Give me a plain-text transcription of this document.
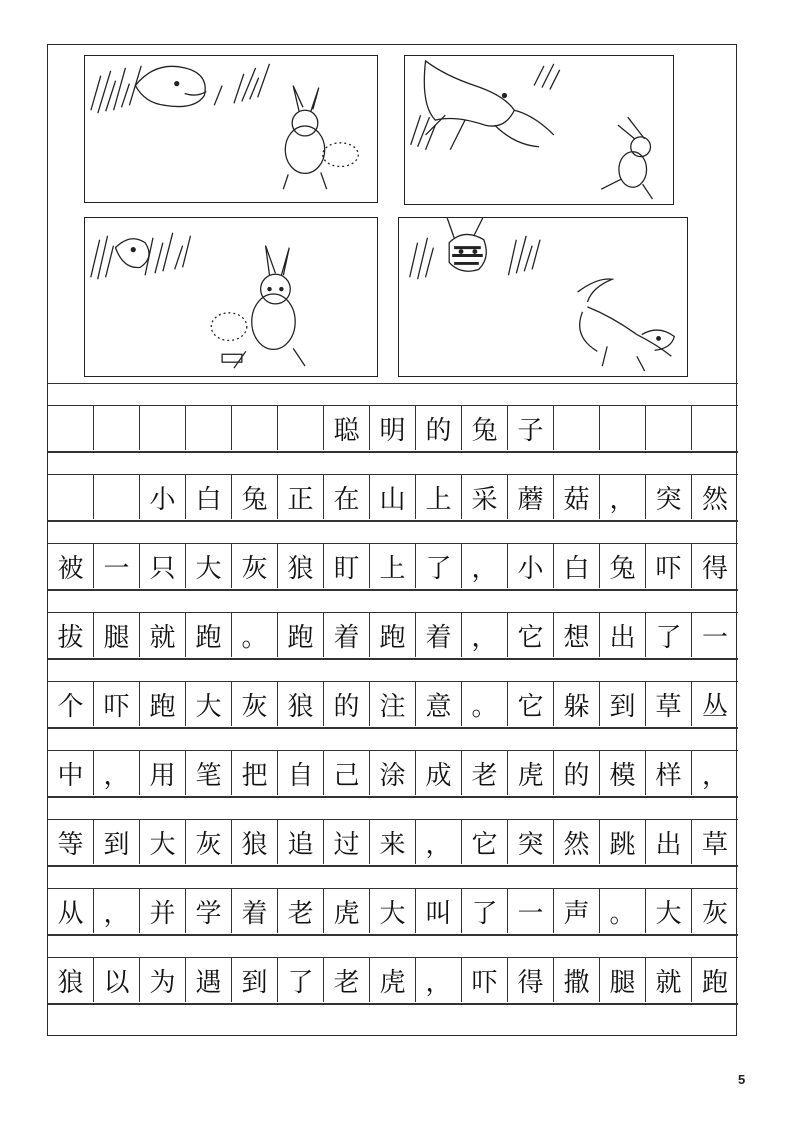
聪 明 的 兔 子
小 白 兔 正 在 山 上 采 蘑 菇 ， 突 然
被 一 只 大 灰 狼 盯 上 了 ， 小 白 兔 吓 得
拔 腿 就 跑 。 跑 着 跑 着 ， 它 想 出 了 一
个 吓 跑 大 灰 狼 的 注 意 。 它 躲 到 草 丛
中 ， 用 笔 把 自 己 涂 成 老 虎 的 模 样 ，
等 到 大 灰 狼 追 过 来 ， 它 突 然 跳 出 草
从 ， 并 学 着 老 虎 大 叫 了 一 声 。 大 灰
狼 以 为 遇 到 了 老 虎 ， 吓 得 撒 腿 就 跑
5
